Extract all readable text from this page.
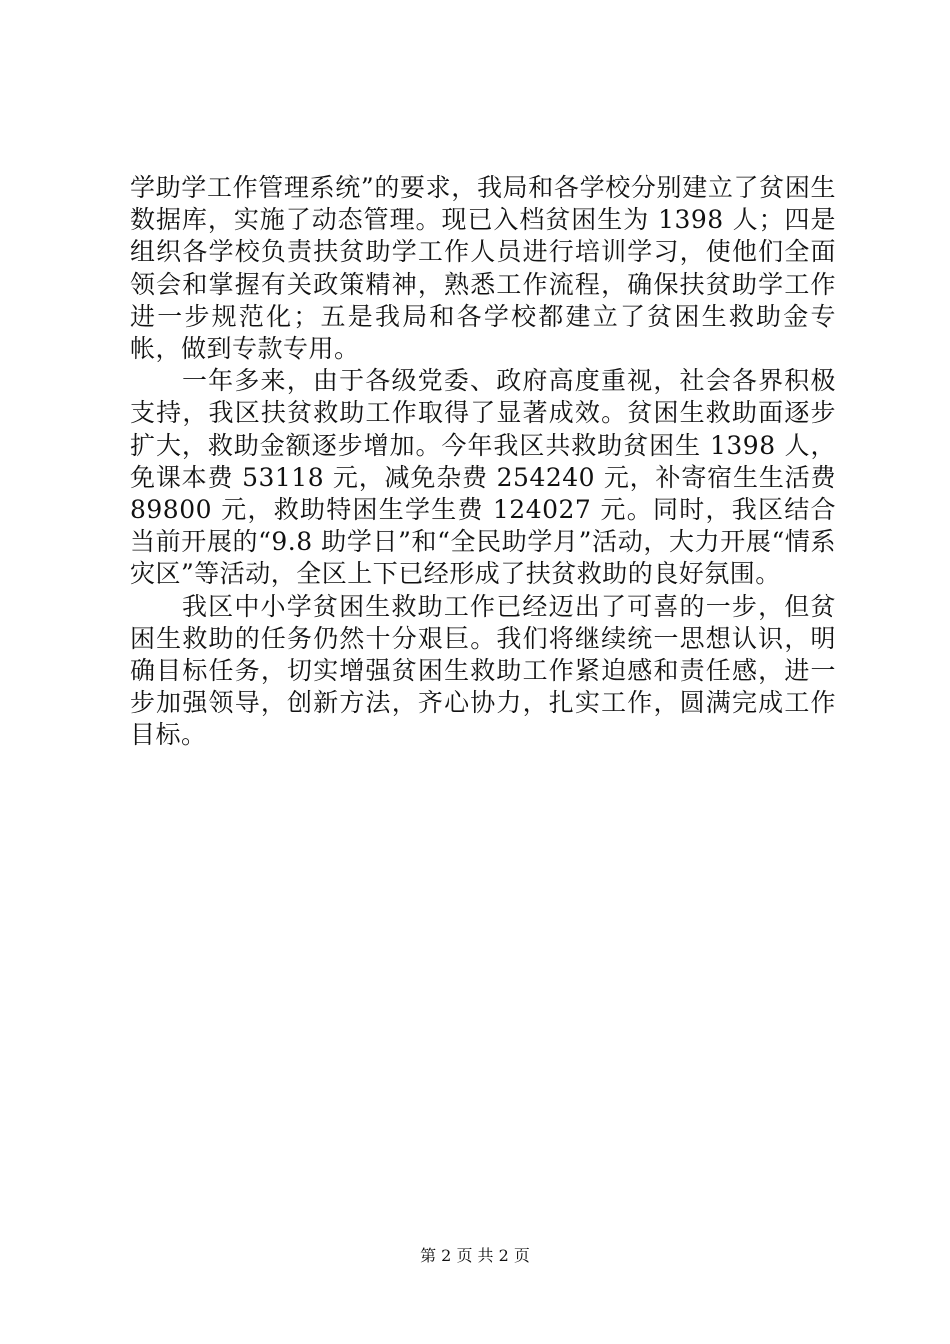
学助学工作管理系统”的要求，我局和各学校分别建立了贫困生数据库，实施了动态管理。现已入档贫困生为 1398 人；四是组织各学校负责扶贫助学工作人员进行培训学习，使他们全面领会和掌握有关政策精神，熟悉工作流程，确保扶贫助学工作进一步规范化；五是我局和各学校都建立了贫困生救助金专帐，做到专款专用。

一年多来，由于各级党委、政府高度重视，社会各界积极支持，我区扶贫救助工作取得了显著成效。贫困生救助面逐步扩大，救助金额逐步增加。今年我区共救助贫困生 1398 人，免课本费 53118 元，减免杂费 254240 元，补寄宿生生活费 89800 元，救助特困生学生费 124027 元。同时，我区结合当前开展的“9.8 助学日”和“全民助学月”活动，大力开展“情系灾区”等活动，全区上下已经形成了扶贫救助的良好氛围。

我区中小学贫困生救助工作已经迈出了可喜的一步，但贫困生救助的任务仍然十分艰巨。我们将继续统一思想认识，明确目标任务，切实增强贫困生救助工作紧迫感和责任感，进一步加强领导，创新方法，齐心协力，扎实工作，圆满完成工作目标。

第 2 页 共 2 页
